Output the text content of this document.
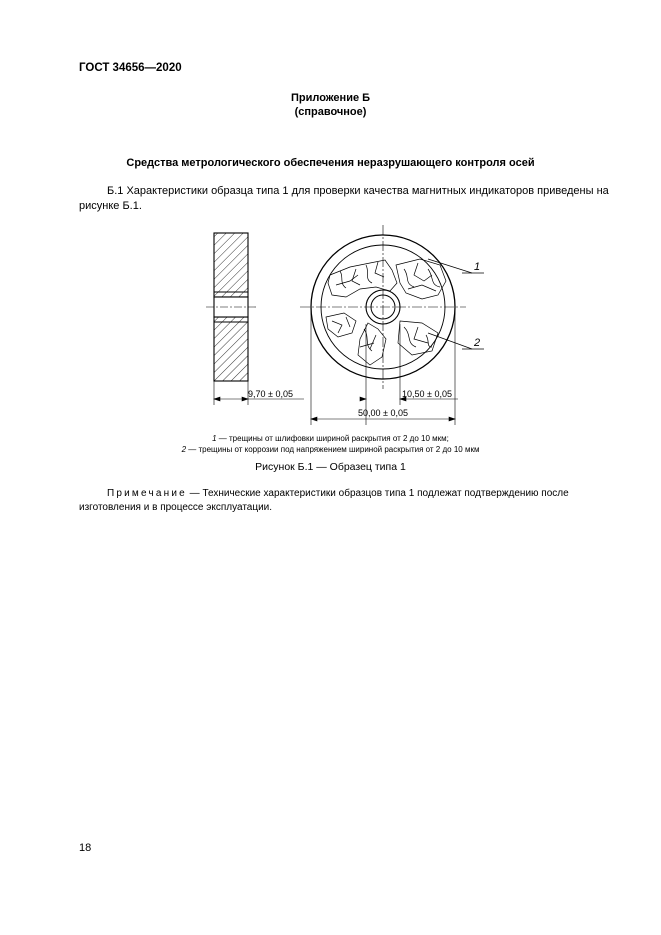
ГОСТ 34656—2020
Приложение Б
(справочное)
Средства метрологического обеспечения неразрушающего контроля осей
Б.1 Характеристики образца типа 1 для проверки качества магнитных индикаторов приведены на рисунке Б.1.
1
2
9,70 ± 0,05	10,50 ± 0,05
50,00 ± 0,05
1 — трещины от шлифовки шириной раскрытия от 2 до 10 мкм;
2 — трещины от коррозии под напряжением шириной раскрытия от 2 до 10 мкм
Рисунок Б.1 — Образец типа 1
Примечание — Технические характеристики образцов типа 1 подлежат подтверждению после изготовления и в процессе эксплуатации.
18
